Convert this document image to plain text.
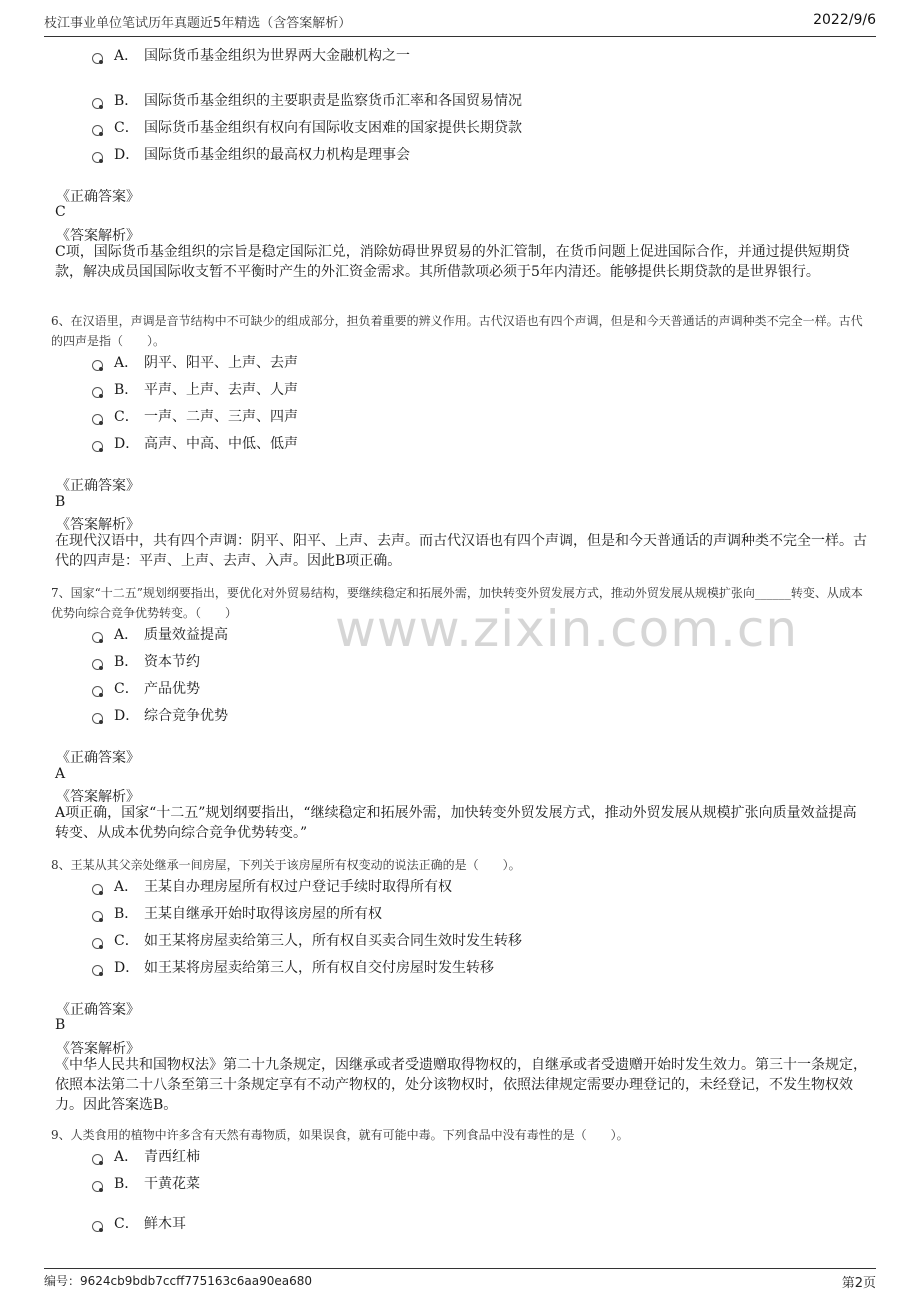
枝江事业单位笔试历年真题近5年精选（含答案解析）	2022/9/6
www.zixin.com.cn
A． 国际货币基金组织为世界两大金融机构之一
B． 国际货币基金组织的主要职责是监察货币汇率和各国贸易情况
C． 国际货币基金组织有权向有国际收支困难的国家提供长期贷款
D． 国际货币基金组织的最高权力机构是理事会
《正确答案》
C
《答案解析》
C项，国际货币基金组织的宗旨是稳定国际汇兑，消除妨碍世界贸易的外汇管制，在货币问题上促进国际合作，并通过提供短期贷款，解决成员国国际收支暂不平衡时产生的外汇资金需求。其所借款项必须于5年内清还。能够提供长期贷款的是世界银行。
6、在汉语里，声调是音节结构中不可缺少的组成部分，担负着重要的辨义作用。古代汉语也有四个声调，但是和今天普通话的声调种类不完全一样。古代的四声是指（　　）。
A． 阴平、阳平、上声、去声
B． 平声、上声、去声、人声
C． 一声、二声、三声、四声
D． 高声、中高、中低、低声
《正确答案》
B
《答案解析》
在现代汉语中，共有四个声调：阴平、阳平、上声、去声。而古代汉语也有四个声调，但是和今天普通话的声调种类不完全一样。古代的四声是：平声、上声、去声、入声。因此B项正确。
7、国家“十二五”规划纲要指出，要优化对外贸易结构，要继续稳定和拓展外需，加快转变外贸发展方式，推动外贸发展从规模扩张向______转变、从成本优势向综合竞争优势转变。（　　）
A． 质量效益提高
B． 资本节约
C． 产品优势
D． 综合竞争优势
《正确答案》
A
《答案解析》
A项正确，国家“十二五”规划纲要指出，“继续稳定和拓展外需，加快转变外贸发展方式，推动外贸发展从规模扩张向质量效益提高转变、从成本优势向综合竞争优势转变。”
8、王某从其父亲处继承一间房屋，下列关于该房屋所有权变动的说法正确的是（　　）。
A． 王某自办理房屋所有权过户登记手续时取得所有权
B． 王某自继承开始时取得该房屋的所有权
C． 如王某将房屋卖给第三人，所有权自买卖合同生效时发生转移
D． 如王某将房屋卖给第三人，所有权自交付房屋时发生转移
《正确答案》
B
《答案解析》
《中华人民共和国物权法》第二十九条规定，因继承或者受遗赠取得物权的，自继承或者受遗赠开始时发生效力。第三十一条规定，依照本法第二十八条至第三十条规定享有不动产物权的，处分该物权时，依照法律规定需要办理登记的，未经登记，不发生物权效力。因此答案选B。
9、人类食用的植物中许多含有天然有毒物质，如果误食，就有可能中毒。下列食品中没有毒性的是（　　）。
A． 青西红柿
B． 干黄花菜
C． 鲜木耳
编号：9624cb9bdb7ccff775163c6aa90ea680	第2页
